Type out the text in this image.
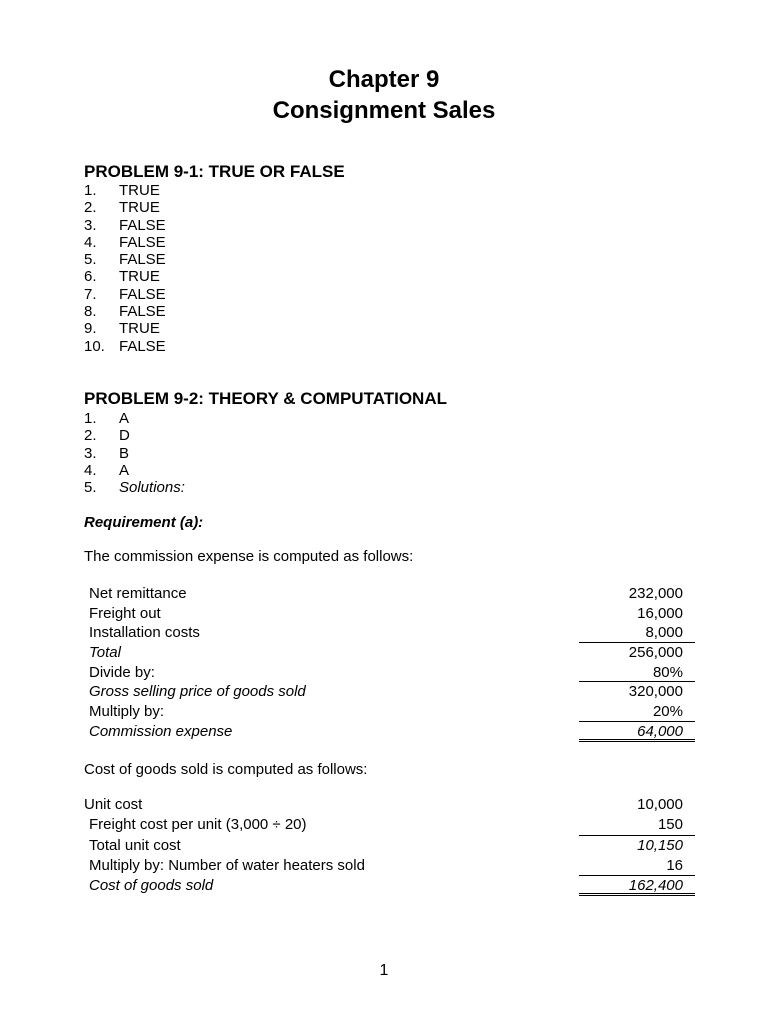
Chapter 9
Consignment Sales
PROBLEM 9-1: TRUE OR FALSE
1.	TRUE
2.	TRUE
3.	FALSE
4.	FALSE
5.	FALSE
6.	TRUE
7.	FALSE
8.	FALSE
9.	TRUE
10. FALSE
PROBLEM 9-2: THEORY & COMPUTATIONAL
1.	A
2.	D
3.	B
4.	A
5.	Solutions:
Requirement (a):
The commission expense is computed as follows:
Net remittance	232,000
Freight out	16,000
Installation costs	8,000
Total	256,000
Divide by:	80%
Gross selling price of goods sold	320,000
Multiply by:	20%
Commission expense	64,000
Cost of goods sold is computed as follows:
Unit cost	10,000
Freight cost per unit (3,000 ÷ 20)	150
Total unit cost	10,150
Multiply by: Number of water heaters sold	16
Cost of goods sold	162,400
1
